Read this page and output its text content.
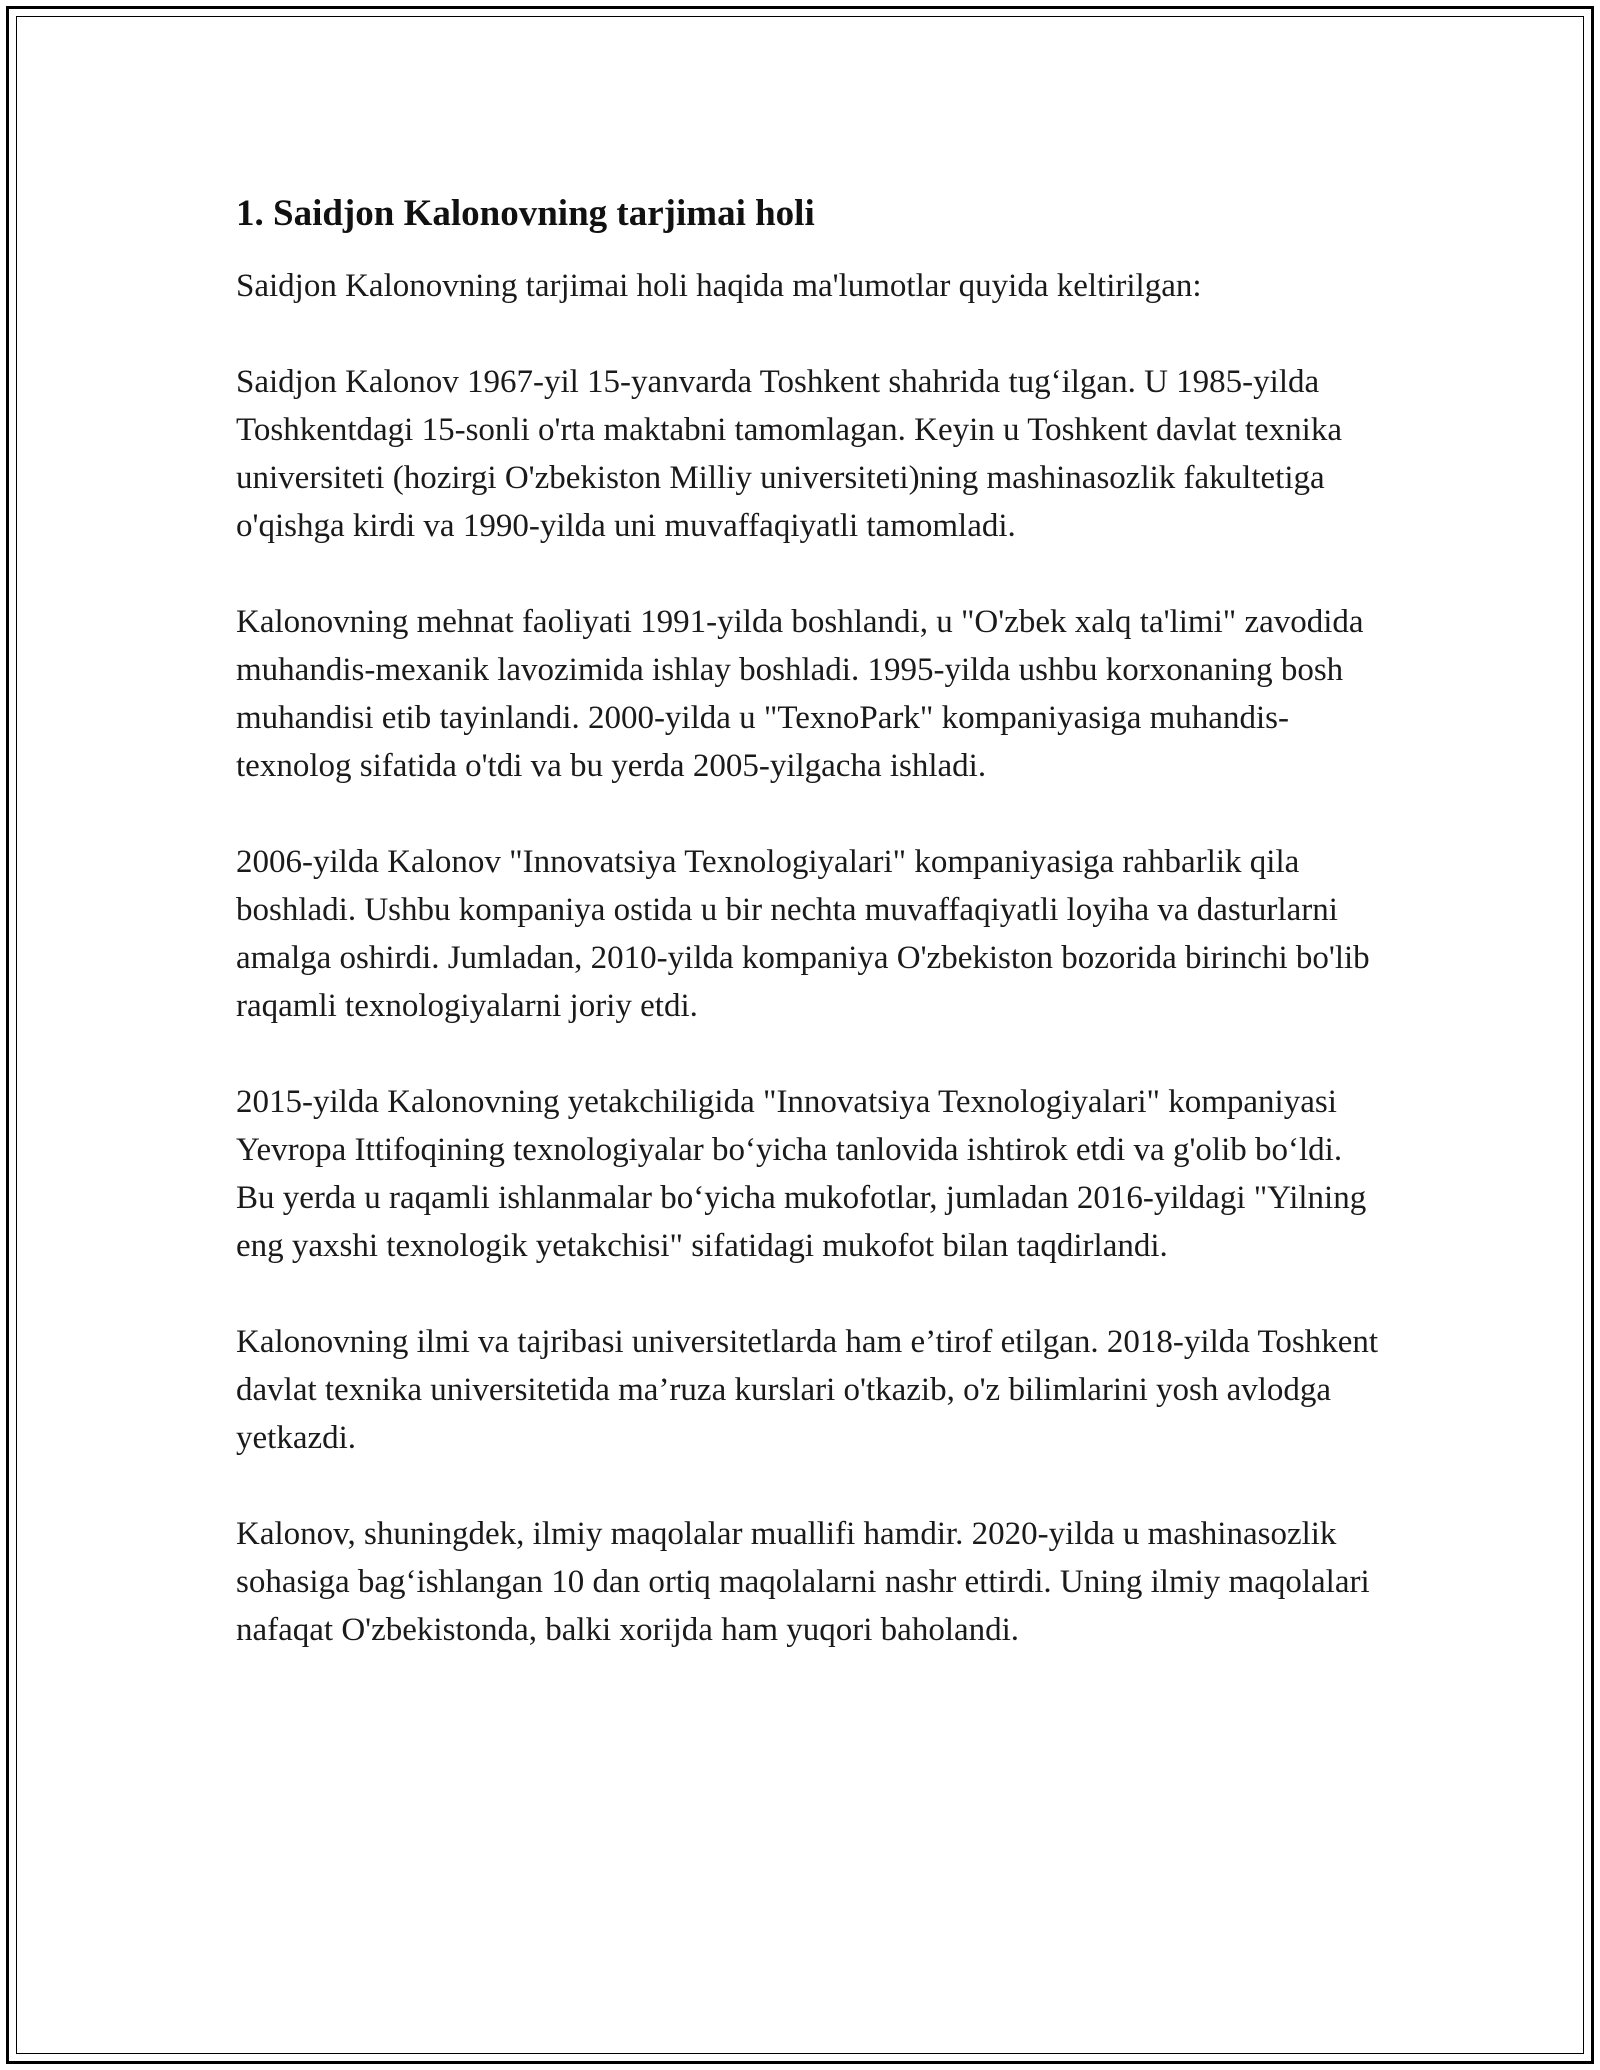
1. Saidjon Kalonovning tarjimai holi

Saidjon Kalonovning tarjimai holi haqida ma'lumotlar quyida keltirilgan:

Saidjon Kalonov 1967-yil 15-yanvarda Toshkent shahrida tug‘ilgan. U 1985-yilda Toshkentdagi 15-sonli o'rta maktabni tamomlagan. Keyin u Toshkent davlat texnika universiteti (hozirgi O'zbekiston Milliy universiteti)ning mashinasozlik fakultetiga o'qishga kirdi va 1990-yilda uni muvaffaqiyatli tamomladi.

Kalonovning mehnat faoliyati 1991-yilda boshlandi, u "O'zbek xalq ta'limi" zavodida muhandis-mexanik lavozimida ishlay boshladi. 1995-yilda ushbu korxonaning bosh muhandisi etib tayinlandi. 2000-yilda u "TexnoPark" kompaniyasiga muhandis-texnolog sifatida o'tdi va bu yerda 2005-yilgacha ishladi.

2006-yilda Kalonov "Innovatsiya Texnologiyalari" kompaniyasiga rahbarlik qila boshladi. Ushbu kompaniya ostida u bir nechta muvaffaqiyatli loyiha va dasturlarni amalga oshirdi. Jumladan, 2010-yilda kompaniya O'zbekiston bozorida birinchi bo'lib raqamli texnologiyalarni joriy etdi.

2015-yilda Kalonovning yetakchiligida "Innovatsiya Texnologiyalari" kompaniyasi Yevropa Ittifoqining texnologiyalar bo‘yicha tanlovida ishtirok etdi va g'olib bo‘ldi. Bu yerda u raqamli ishlanmalar bo‘yicha mukofotlar, jumladan 2016-yildagi "Yilning eng yaxshi texnologik yetakchisi" sifatidagi mukofot bilan taqdirlandi.

Kalonovning ilmi va tajribasi universitetlarda ham e’tirof etilgan. 2018-yilda Toshkent davlat texnika universitetida ma’ruza kurslari o'tkazib, o'z bilimlarini yosh avlodga yetkazdi.

Kalonov, shuningdek, ilmiy maqolalar muallifi hamdir. 2020-yilda u mashinasozlik sohasiga bag‘ishlangan 10 dan ortiq maqolalarni nashr ettirdi. Uning ilmiy maqolalari nafaqat O'zbekistonda, balki xorijda ham yuqori baholandi.
